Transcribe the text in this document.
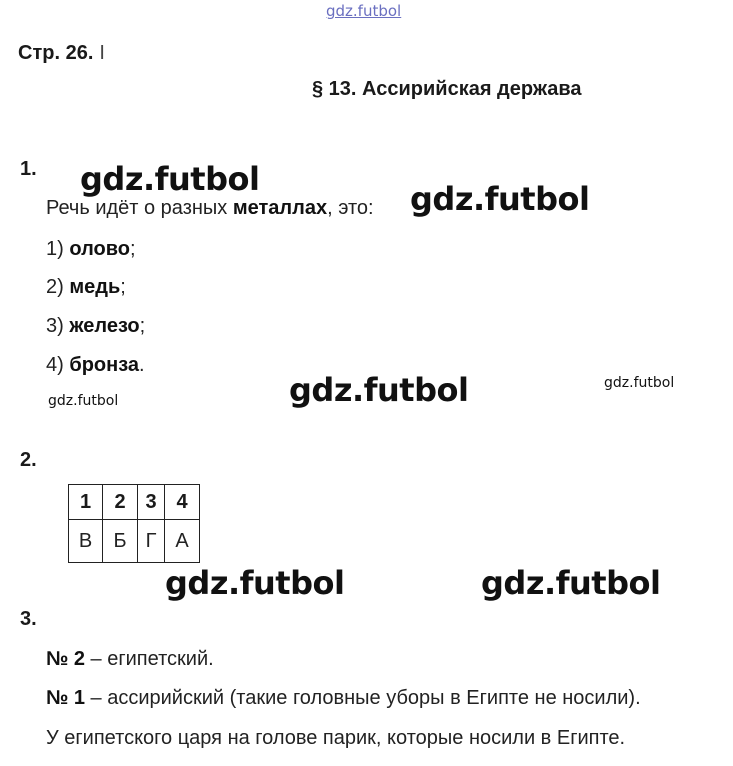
gdz.futbol
Стр. 26. I
§ 13. Ассирийская держава
1.
Речь идёт о разных металлах, это:
1) олово;
2) медь;
3) железо;
4) бронза.
2.
1	2	3	4
В	Б	Г	А
3.
№ 2 – египетский.
№ 1 – ассирийский (такие головные уборы в Египте не носили).
У египетского царя на голове парик, которые носили в Египте.
gdz.futbol
gdz.futbol
gdz.futbol	gdz.futbol
gdz.futbol
gdz.futbol	gdz.futbol
